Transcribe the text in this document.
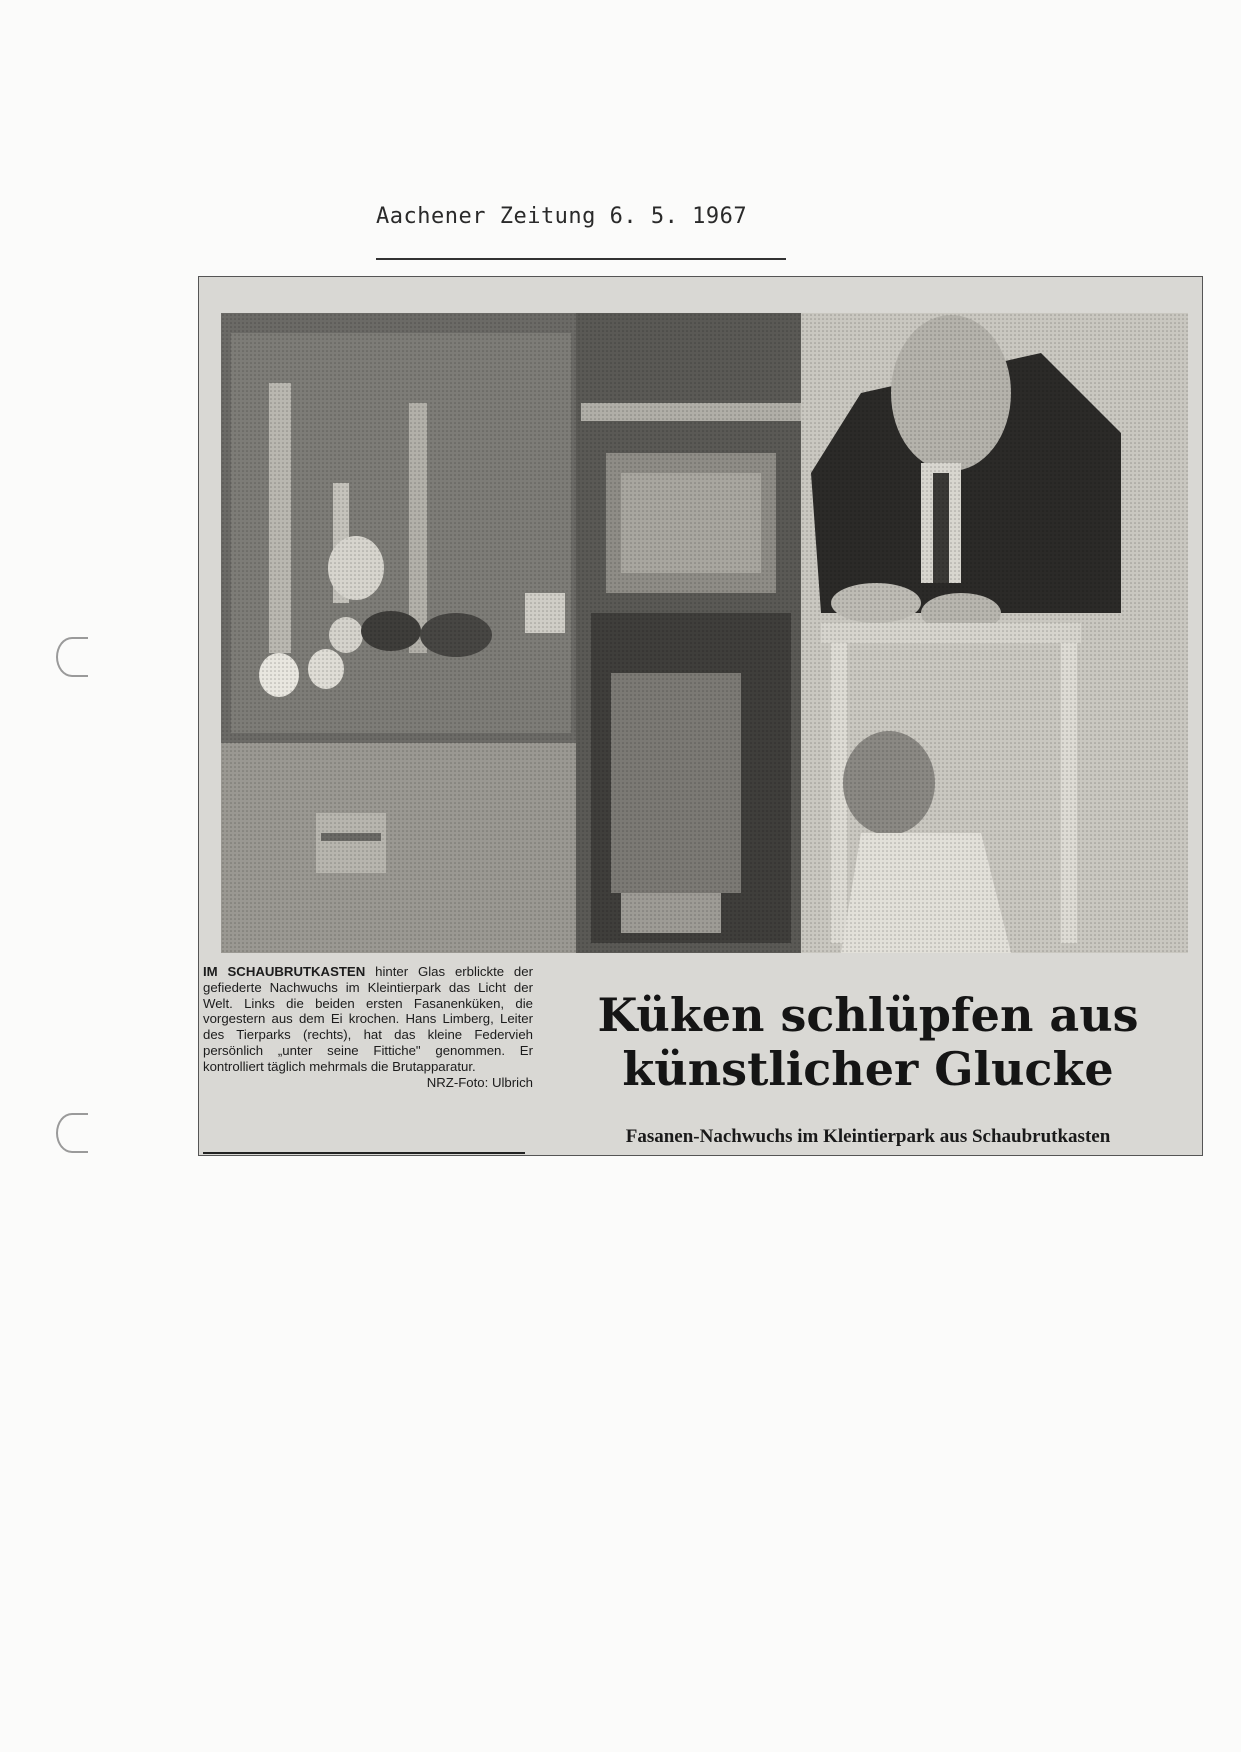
Aachener Zeitung 6. 5. 1967
IM SCHAUBRUTKASTEN hinter Glas erblickte der gefiederte Nachwuchs im Kleintierpark das Licht der Welt. Links die beiden ersten Fasanenküken, die vorgestern aus dem Ei krochen. Hans Limberg, Leiter des Tierparks (rechts), hat das kleine Federvieh persönlich „unter seine Fittiche" genommen. Er kontrolliert täglich mehrmals die Brutapparatur.
NRZ-Foto: Ulbrich
Küken schlüpfen aus
künstlicher Glucke
Fasanen-Nachwuchs im Kleintierpark aus Schaubrutkasten
